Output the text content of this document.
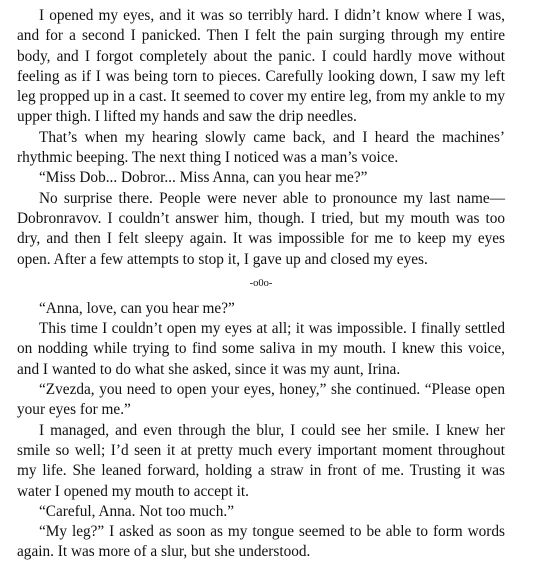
I opened my eyes, and it was so terribly hard. I didn’t know where I was, and for a second I panicked. Then I felt the pain surging through my entire body, and I forgot completely about the panic. I could hardly move without feeling as if I was being torn to pieces. Carefully looking down, I saw my left leg propped up in a cast. It seemed to cover my entire leg, from my ankle to my upper thigh. I lifted my hands and saw the drip needles.

That’s when my hearing slowly came back, and I heard the machines’ rhythmic beeping. The next thing I noticed was a man’s voice.

“Miss Dob... Dobror... Miss Anna, can you hear me?”

No surprise there. People were never able to pronounce my last name—Dobronravov. I couldn’t answer him, though. I tried, but my mouth was too dry, and then I felt sleepy again. It was impossible for me to keep my eyes open. After a few attempts to stop it, I gave up and closed my eyes.

-o0o-

“Anna, love, can you hear me?”

This time I couldn’t open my eyes at all; it was impossible. I finally settled on nodding while trying to find some saliva in my mouth. I knew this voice, and I wanted to do what she asked, since it was my aunt, Irina.

“Zvezda, you need to open your eyes, honey,” she continued. “Please open your eyes for me.”

I managed, and even through the blur, I could see her smile. I knew her smile so well; I’d seen it at pretty much every important moment throughout my life. She leaned forward, holding a straw in front of me. Trusting it was water I opened my mouth to accept it.

“Careful, Anna. Not too much.”

“My leg?” I asked as soon as my tongue seemed to be able to form words again. It was more of a slur, but she understood.
